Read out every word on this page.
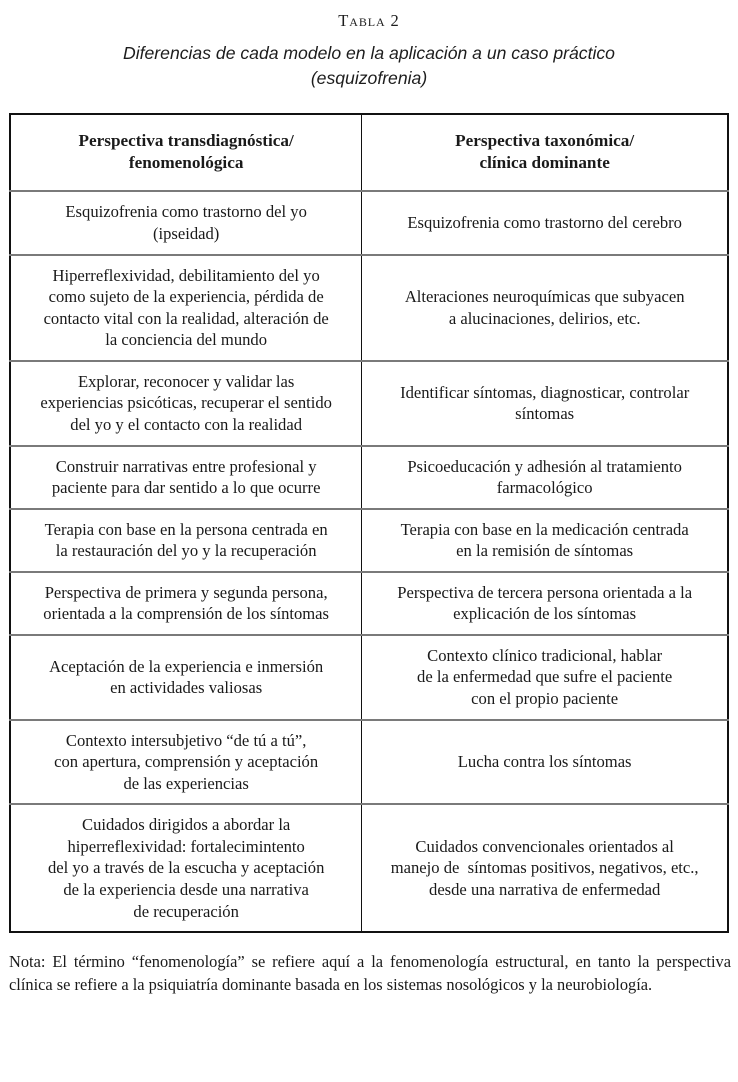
Tabla 2
Diferencias de cada modelo en la aplicación a un caso práctico
(esquizofrenia)
Perspectiva transdiagnóstica/
fenomenológica	Perspectiva taxonómica/
clínica dominante

Esquizofrenia como trastorno del yo
(ipseidad)	Esquizofrenia como trastorno del cerebro

Hiperreflexividad, debilitamiento del yo
como sujeto de la experiencia, pérdida de
contacto vital con la realidad, alteración de
la conciencia del mundo	Alteraciones neuroquímicas que subyacen
a alucinaciones, delirios, etc.

Explorar, reconocer y validar las
experiencias psicóticas, recuperar el sentido
del yo y el contacto con la realidad	Identificar síntomas, diagnosticar, controlar
síntomas

Construir narrativas entre profesional y
paciente para dar sentido a lo que ocurre	Psicoeducación y adhesión al tratamiento
farmacológico

Terapia con base en la persona centrada en
la restauración del yo y la recuperación	Terapia con base en la medicación centrada
en la remisión de síntomas

Perspectiva de primera y segunda persona,
orientada a la comprensión de los síntomas	Perspectiva de tercera persona orientada a la
explicación de los síntomas

Aceptación de la experiencia e inmersión
en actividades valiosas	Contexto clínico tradicional, hablar
de la enfermedad que sufre el paciente
con el propio paciente

Contexto intersubjetivo “de tú a tú”,
con apertura, comprensión y aceptación
de las experiencias	Lucha contra los síntomas

Cuidados dirigidos a abordar la
hiperreflexividad: fortalecimintento
del yo a través de la escucha y aceptación
de la experiencia desde una narrativa
de recuperación	Cuidados convencionales orientados al
manejo de  síntomas positivos, negativos, etc.,
desde una narrativa de enfermedad

Nota: El término “fenomenología” se refiere aquí a la fenomenología estructural, en tanto la perspectiva clínica se refiere a la psiquiatría dominante basada en los sistemas nosológicos y la neurobiología.
